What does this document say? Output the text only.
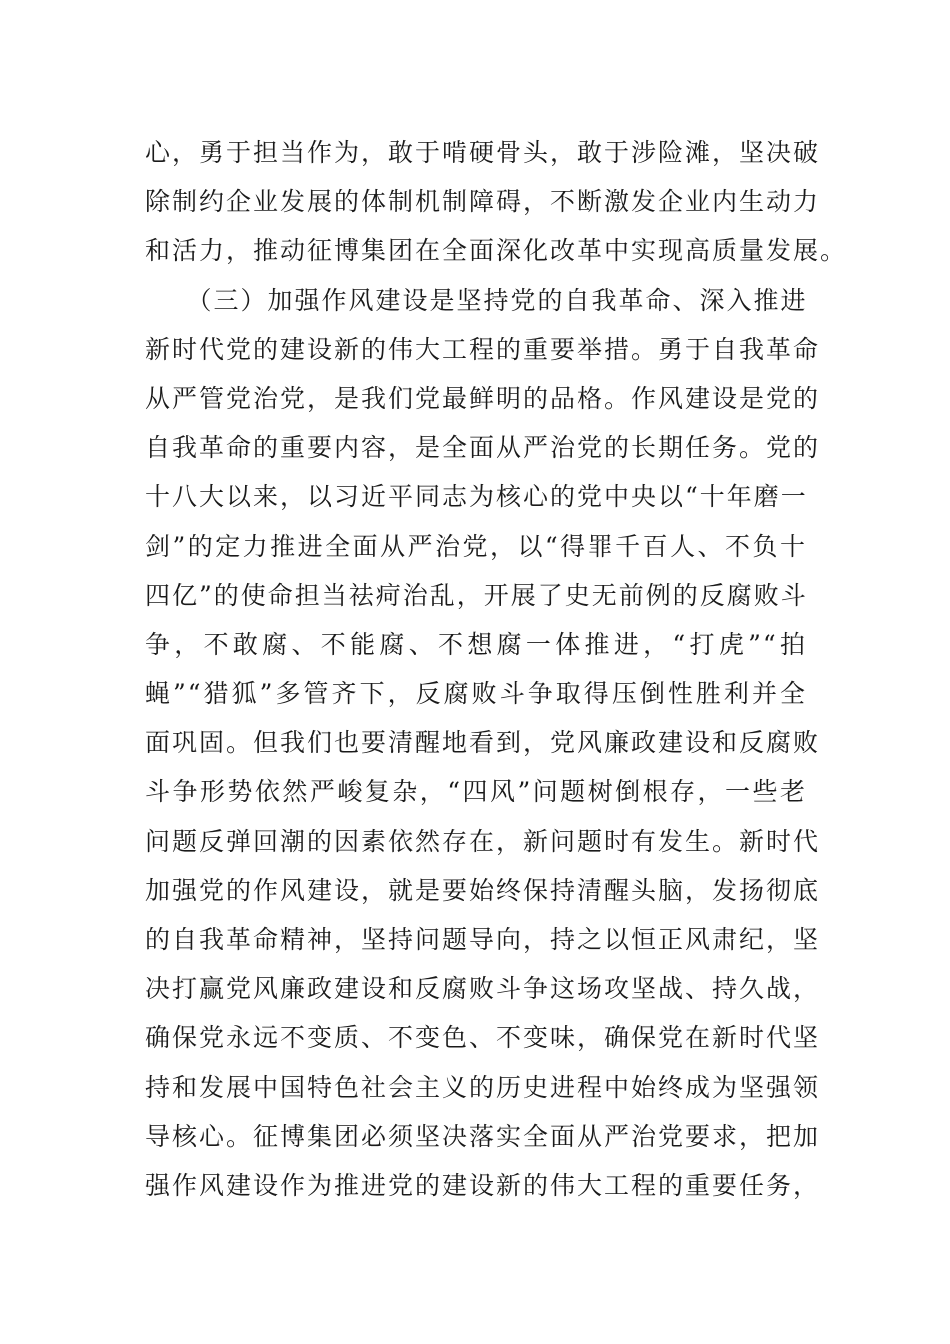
心，勇于担当作为，敢于啃硬骨头，敢于涉险滩，坚决破
除制约企业发展的体制机制障碍，不断激发企业内生动力
和活力，推动征博集团在全面深化改革中实现高质量发展。
　　（三）加强作风建设是坚持党的自我革命、深入推进
新时代党的建设新的伟大工程的重要举措。勇于自我革命
从严管党治党，是我们党最鲜明的品格。作风建设是党的
自我革命的重要内容，是全面从严治党的长期任务。党的
十八大以来，以习近平同志为核心的党中央以“十年磨一
剑”的定力推进全面从严治党，以“得罪千百人、不负十
四亿”的使命担当祛疴治乱，开展了史无前例的反腐败斗
争，不敢腐、不能腐、不想腐一体推进，“打虎”“拍
蝇”“猎狐”多管齐下，反腐败斗争取得压倒性胜利并全
面巩固。但我们也要清醒地看到，党风廉政建设和反腐败
斗争形势依然严峻复杂，“四风”问题树倒根存，一些老
问题反弹回潮的因素依然存在，新问题时有发生。新时代
加强党的作风建设，就是要始终保持清醒头脑，发扬彻底
的自我革命精神，坚持问题导向，持之以恒正风肃纪，坚
决打赢党风廉政建设和反腐败斗争这场攻坚战、持久战，
确保党永远不变质、不变色、不变味，确保党在新时代坚
持和发展中国特色社会主义的历史进程中始终成为坚强领
导核心。征博集团必须坚决落实全面从严治党要求，把加
强作风建设作为推进党的建设新的伟大工程的重要任务，
